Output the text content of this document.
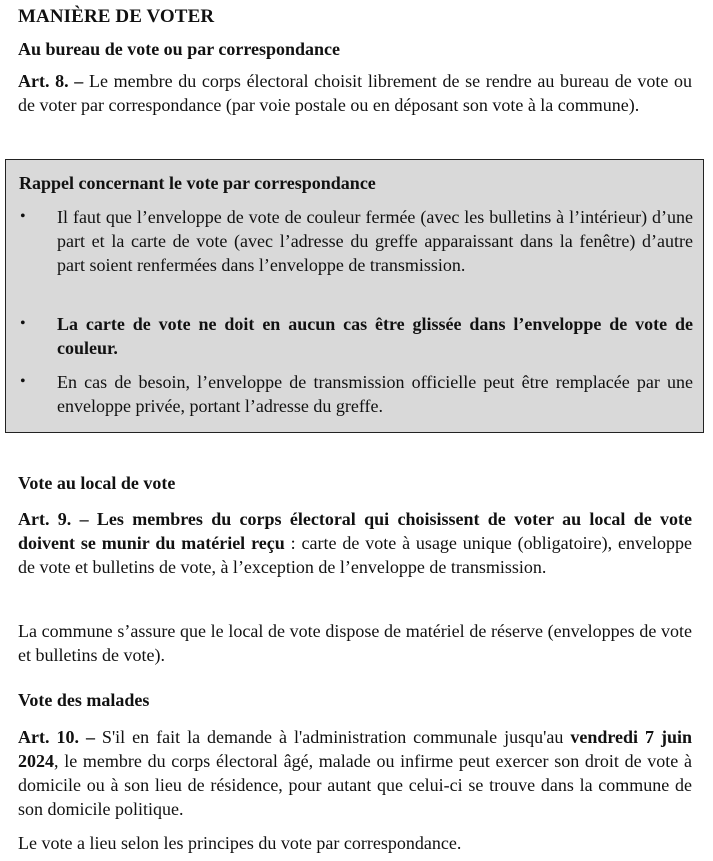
MANIÈRE DE VOTER
Au bureau de vote ou par correspondance
Art. 8. – Le membre du corps électoral choisit librement de se rendre au bureau de vote ou de voter par correspondance (par voie postale ou en déposant son vote à la commune).
Rappel concernant le vote par correspondance
• Il faut que l’enveloppe de vote de couleur fermée (avec les bulletins à l’intérieur) d’une part et la carte de vote (avec l’adresse du greffe apparaissant dans la fenêtre) d’autre part soient renfermées dans l’enveloppe de transmission.
• La carte de vote ne doit en aucun cas être glissée dans l’enveloppe de vote de couleur.
• En cas de besoin, l’enveloppe de transmission officielle peut être remplacée par une enveloppe privée, portant l’adresse du greffe.
Vote au local de vote
Art. 9. – Les membres du corps électoral qui choisissent de voter au local de vote doivent se munir du matériel reçu : carte de vote à usage unique (obligatoire), enveloppe de vote et bulletins de vote, à l’exception de l’enveloppe de transmission.
La commune s’assure que le local de vote dispose de matériel de réserve (enveloppes de vote et bulletins de vote).
Vote des malades
Art. 10. – S'il en fait la demande à l'administration communale jusqu'au vendredi 7 juin 2024, le membre du corps électoral âgé, malade ou infirme peut exercer son droit de vote à domicile ou à son lieu de résidence, pour autant que celui-ci se trouve dans la commune de son domicile politique.
Le vote a lieu selon les principes du vote par correspondance.
